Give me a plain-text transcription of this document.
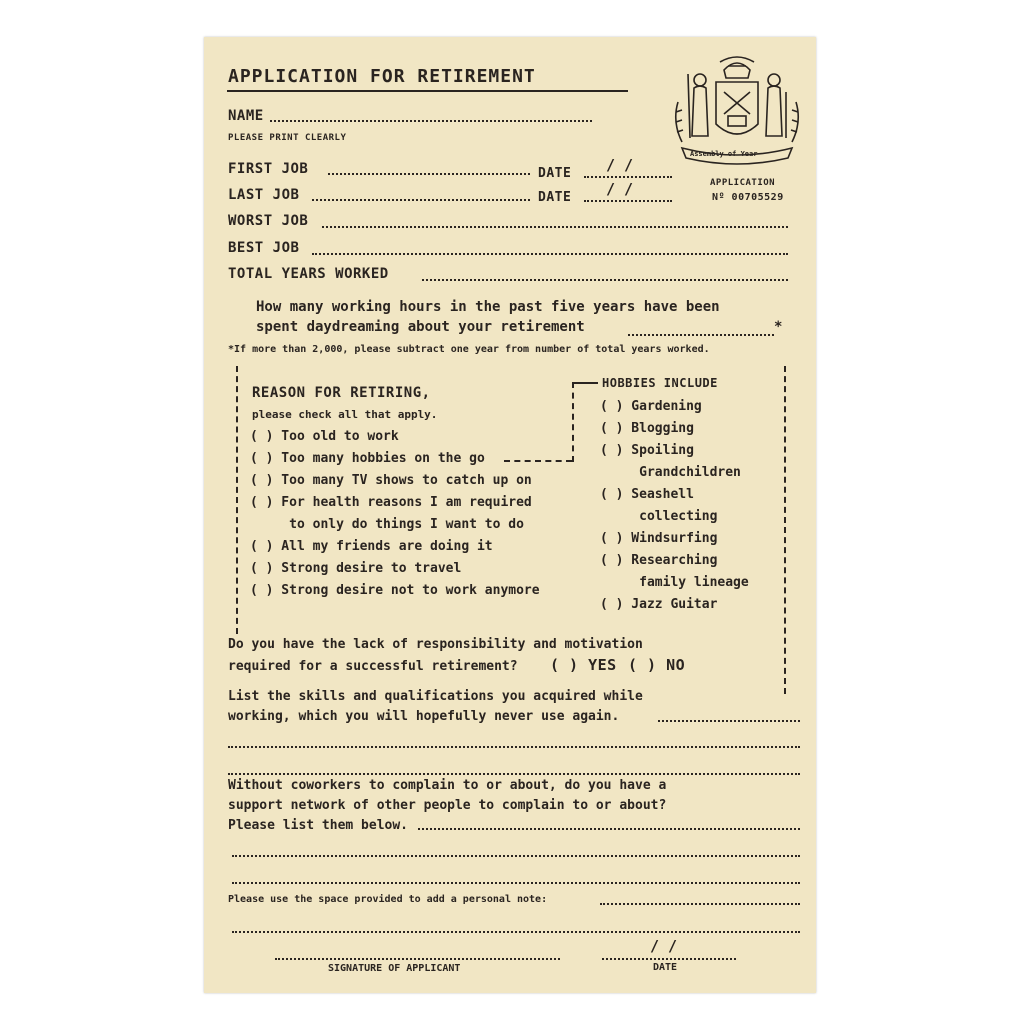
APPLICATION FOR RETIREMENT
Assembly of Year
APPLICATION
Nº 00705529
NAME
PLEASE PRINT CLEARLY
FIRST JOB	DATE / /
LAST JOB	DATE / /
WORST JOB
BEST JOB
TOTAL YEARS WORKED
How many working hours in the past five years have been
spent daydreaming about your retirement	*
*If more than 2,000, please subtract one year from number of total years worked.
REASON FOR RETIRING,
please check all that apply.
( ) Too old to work
( ) Too many hobbies on the go
( ) Too many TV shows to catch up on
( ) For health reasons I am required
to only do things I want to do
( ) All my friends are doing it
( ) Strong desire to travel
( ) Strong desire not to work anymore
HOBBIES INCLUDE
( ) Gardening
( ) Blogging
( ) Spoiling
Grandchildren
( ) Seashell
collecting
( ) Windsurfing
( ) Researching
family lineage
( ) Jazz Guitar
Do you have the lack of responsibility and motivation
required for a successful retirement? ( ) YES ( ) NO
List the skills and qualifications you acquired while
working, which you will hopefully never use again.
Without coworkers to complain to or about, do you have a
support network of other people to complain to or about?
Please list them below.
Please use the space provided to add a personal note:
SIGNATURE OF APPLICANT
/ /
DATE
